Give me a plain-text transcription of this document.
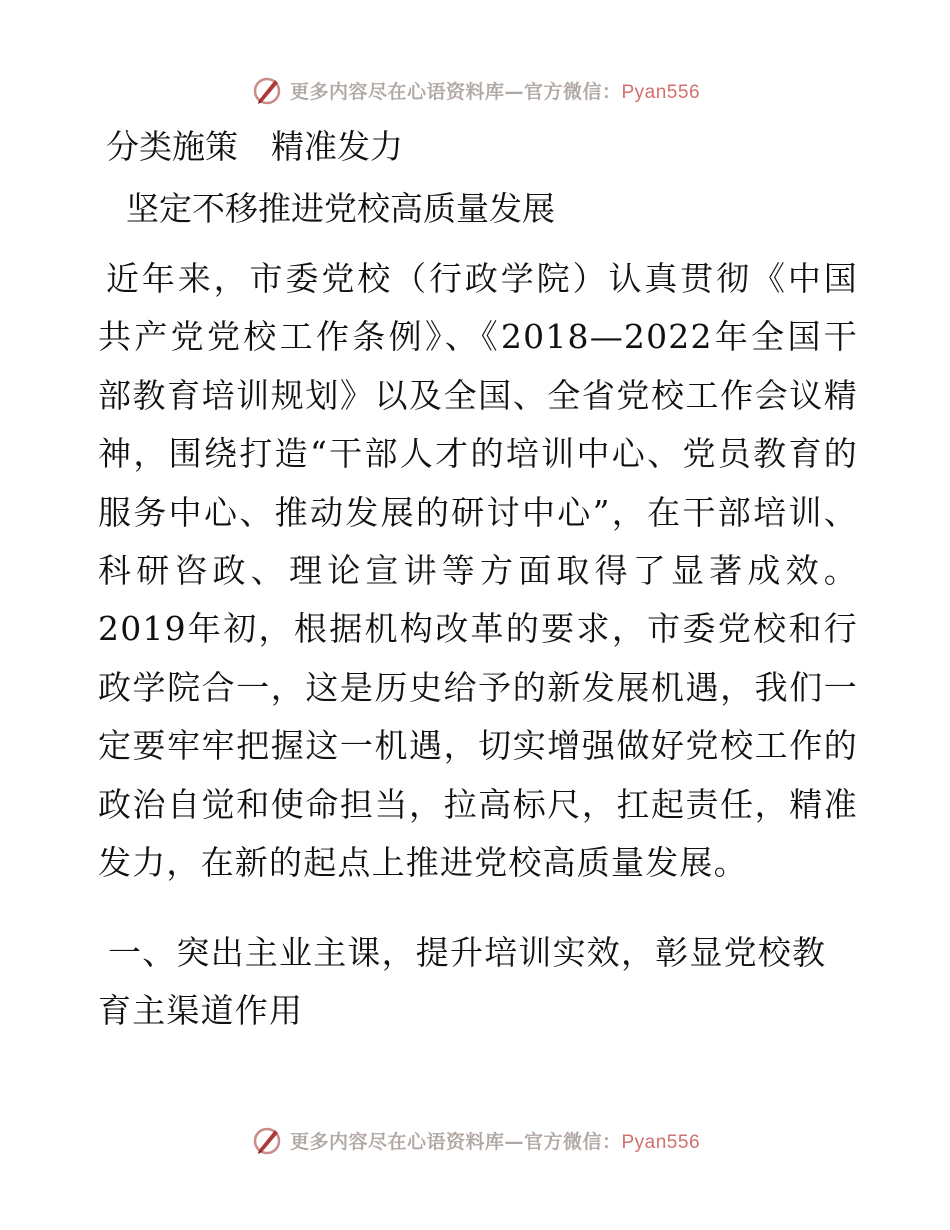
更多内容尽在心语资料库—官方微信：Pyan556
分类施策　精准发力
坚定不移推进党校高质量发展

近年来，市委党校（行政学院）认真贯彻《中国共产党党校工作条例》、《2018—2022年全国干部教育培训规划》以及全国、全省党校工作会议精神，围绕打造“干部人才的培训中心、党员教育的服务中心、推动发展的研讨中心”，在干部培训、科研咨政、理论宣讲等方面取得了显著成效。2019年初，根据机构改革的要求，市委党校和行政学院合一，这是历史给予的新发展机遇，我们一定要牢牢把握这一机遇，切实增强做好党校工作的政治自觉和使命担当，拉高标尺，扛起责任，精准发力，在新的起点上推进党校高质量发展。

一、突出主业主课，提升培训实效，彰显党校教育主渠道作用

更多内容尽在心语资料库—官方微信：Pyan556
